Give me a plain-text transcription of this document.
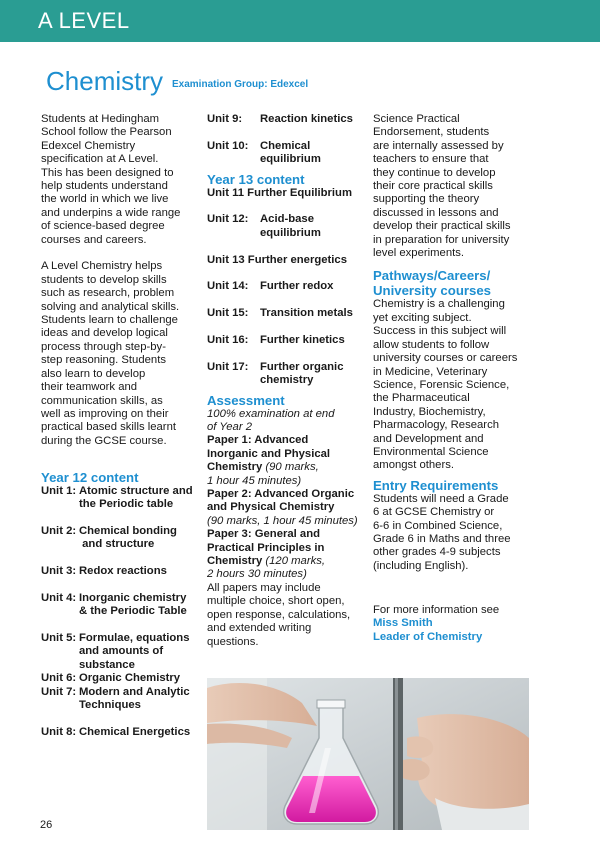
A LEVEL
Chemistry Examination Group: Edexcel

Students at Hedingham

School follow the Pearson

Edexcel Chemistry

specification at A Level.

This has been designed to

help students understand

the world in which we live

and underpins a wide range

of science-based degree

courses and careers.

A Level Chemistry helps

students to develop skills

such as research, problem

solving and analytical skills.

Students learn to challenge

ideas and develop logical

process through step-by-

step reasoning. Students

also learn to develop

their teamwork and

communication skills, as

well as improving on their

practical based skills learnt

during the GCSE course.

Year 12 content

Unit 1: Atomic structure and
the Periodic table
Unit 2: Chemical bonding
and structure
Unit 3: Redox reactions
Unit 4: Inorganic chemistry
& the Periodic Table
Unit 5: Formulae, equations
and amounts of
substance
Unit 6: Organic Chemistry
Unit 7: Modern and Analytic
Techniques
Unit 8: Chemical Energetics
Unit 9:	Reaction kinetics
Unit 10:	Chemical
equilibrium

Year 13 content

Unit 11 Further Equilibrium

Unit 12:	Acid-base
equilibrium

Unit 13 Further energetics

Unit 14:	Further redox
Unit 15:	Transition metals
Unit 16:	Further kinetics
Unit 17:	Further organic
chemistry

Assessment

100% examination at end

of Year 2

Paper 1: Advanced

Inorganic and Physical

Chemistry (90 marks,

1 hour 45 minutes)

Paper 2: Advanced Organic

and Physical Chemistry

(90 marks, 1 hour 45 minutes)

Paper 3: General and

Practical Principles in

Chemistry (120 marks,

2 hours 30 minutes)

All papers may include

multiple choice, short open,

open response, calculations,

and extended writing

questions.

Science Practical

Endorsement, students

are internally assessed by

teachers to ensure that

they continue to develop

their core practical skills

supporting the theory

discussed in lessons and

develop their practical skills

in preparation for university

level experiments.

Pathways/Careers/

University courses

Chemistry is a challenging

yet exciting subject.

Success in this subject will

allow students to follow

university courses or careers

in Medicine, Veterinary

Science, Forensic Science,

the Pharmaceutical

Industry, Biochemistry,

Pharmacology, Research

and Development and

Environmental Science

amongst others.

Entry Requirements

Students will need a Grade

6 at GCSE Chemistry or

6-6 in Combined Science,

Grade 6 in Maths and three

other grades 4-9 subjects

(including English).

For more information see

Miss Smith

Leader of Chemistry

26
